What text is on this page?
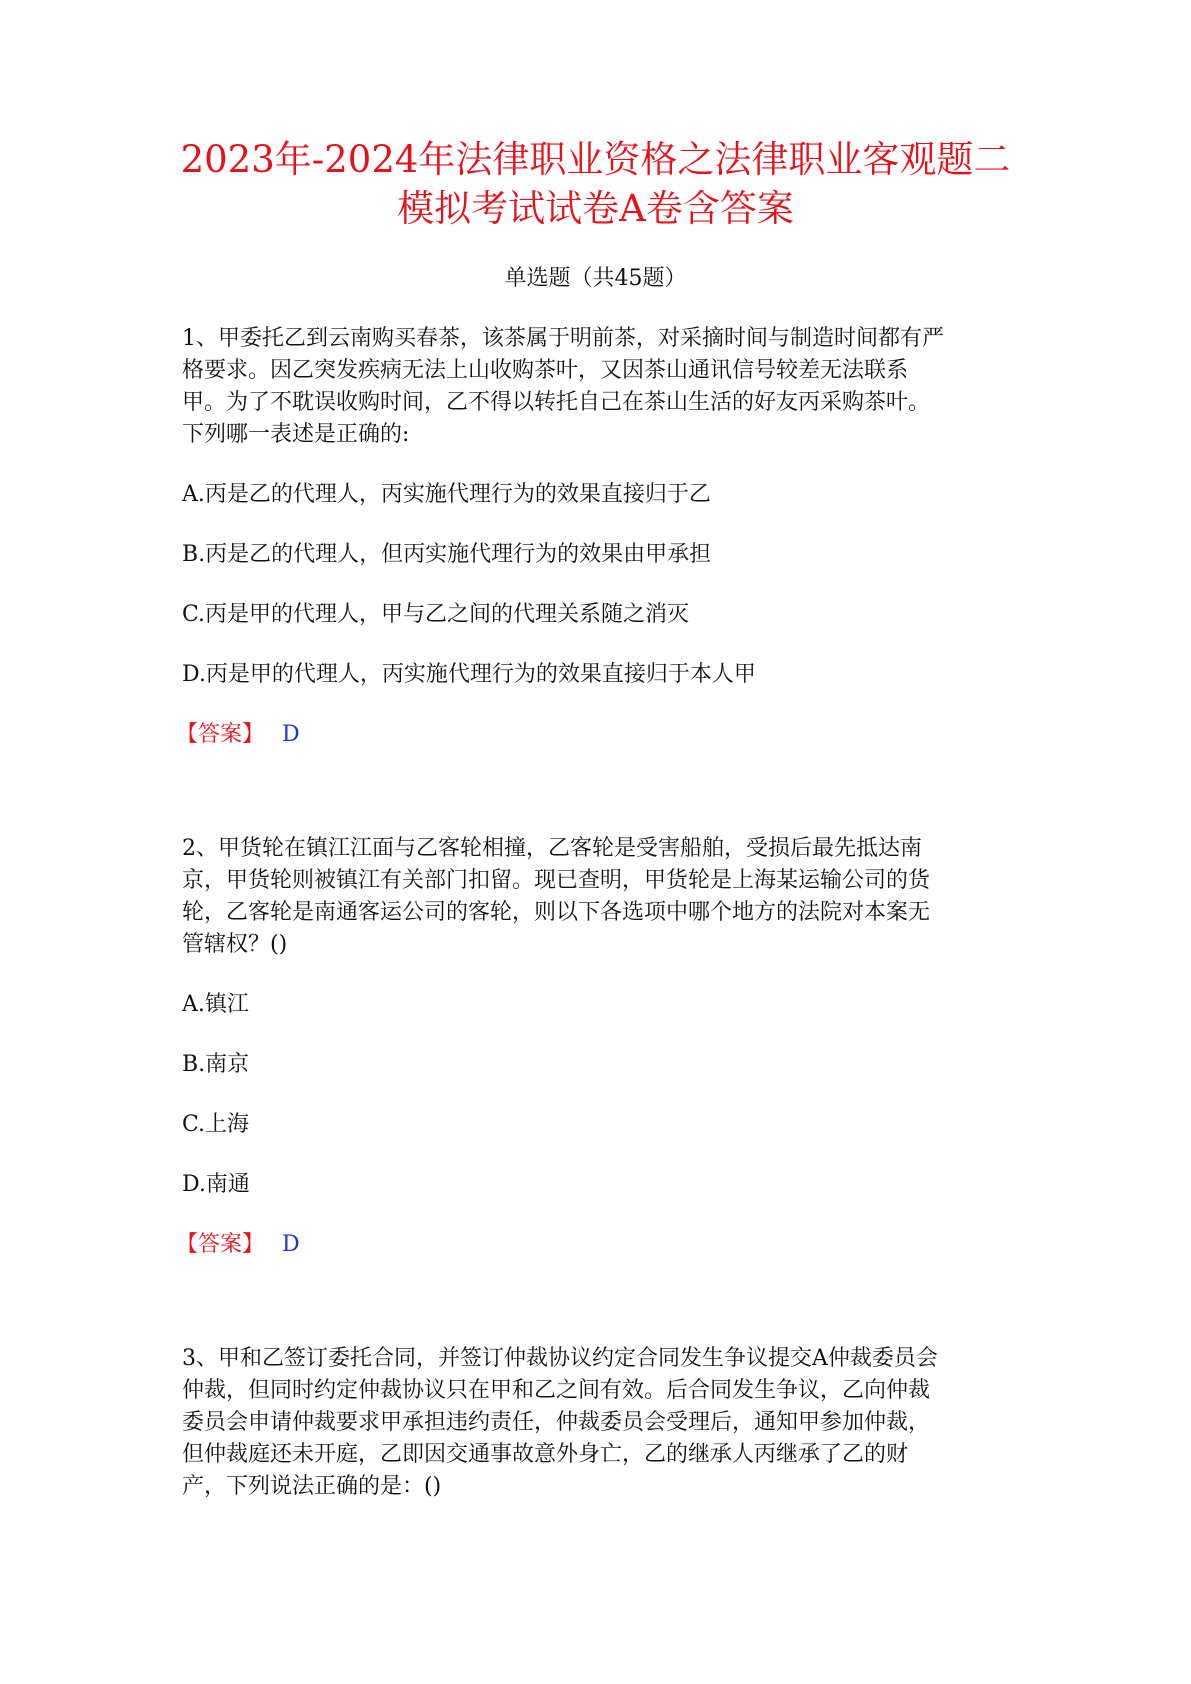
2023年-2024年法律职业资格之法律职业客观题二
模拟考试试卷A卷含答案
单选题（共45题）
1、甲委托乙到云南购买春茶，该茶属于明前茶，对采摘时间与制造时间都有严
格要求。因乙突发疾病无法上山收购茶叶，又因茶山通讯信号较差无法联系
甲。为了不耽误收购时间，乙不得以转托自己在茶山生活的好友丙采购茶叶。
下列哪一表述是正确的:
A.丙是乙的代理人，丙实施代理行为的效果直接归于乙
B.丙是乙的代理人，但丙实施代理行为的效果由甲承担
C.丙是甲的代理人，甲与乙之间的代理关系随之消灭
D.丙是甲的代理人，丙实施代理行为的效果直接归于本人甲
【答案】 D
2、甲货轮在镇江江面与乙客轮相撞，乙客轮是受害船舶，受损后最先抵达南
京，甲货轮则被镇江有关部门扣留。现已查明，甲货轮是上海某运输公司的货
轮，乙客轮是南通客运公司的客轮，则以下各选项中哪个地方的法院对本案无
管辖权？()
A.镇江
B.南京
C.上海
D.南通
【答案】 D
3、甲和乙签订委托合同，并签订仲裁协议约定合同发生争议提交A仲裁委员会
仲裁，但同时约定仲裁协议只在甲和乙之间有效。后合同发生争议，乙向仲裁
委员会申请仲裁要求甲承担违约责任，仲裁委员会受理后，通知甲参加仲裁，
但仲裁庭还未开庭，乙即因交通事故意外身亡，乙的继承人丙继承了乙的财
产，下列说法正确的是：()
